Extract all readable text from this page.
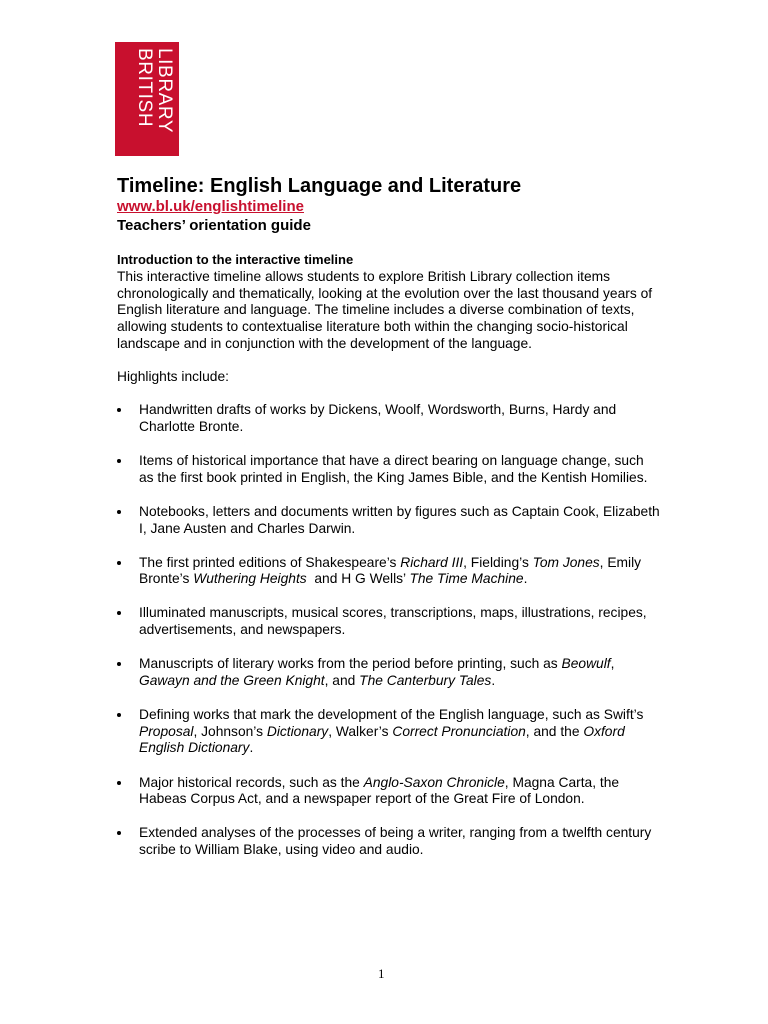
LIBRARY
BRITISH
Timeline: English Language and Literature
www.bl.uk/englishtimeline
Teachers’ orientation guide
Introduction to the interactive timeline

This interactive timeline allows students to explore British Library collection items chronologically and thematically, looking at the evolution over the last thousand years of English literature and language. The timeline includes a diverse combination of texts, allowing students to contextualise literature both within the changing socio-historical landscape and in conjunction with the development of the language.

Highlights include:

Handwritten drafts of works by Dickens, Woolf, Wordsworth, Burns, Hardy and Charlotte Bronte.
Items of historical importance that have a direct bearing on language change, such as the first book printed in English, the King James Bible, and the Kentish Homilies.
Notebooks, letters and documents written by figures such as Captain Cook, Elizabeth I, Jane Austen and Charles Darwin.
The first printed editions of Shakespeare’s Richard III, Fielding’s Tom Jones, Emily Bronte’s Wuthering Heights  and H G Wells’ The Time Machine.
Illuminated manuscripts, musical scores, transcriptions, maps, illustrations, recipes, advertisements, and newspapers.
Manuscripts of literary works from the period before printing, such as Beowulf, Gawayn and the Green Knight, and The Canterbury Tales.
Defining works that mark the development of the English language, such as Swift’s Proposal, Johnson’s Dictionary, Walker’s Correct Pronunciation, and the Oxford English Dictionary.
Major historical records, such as the Anglo-Saxon Chronicle, Magna Carta, the Habeas Corpus Act, and a newspaper report of the Great Fire of London.
Extended analyses of the processes of being a writer, ranging from a twelfth century scribe to William Blake, using video and audio.
1
